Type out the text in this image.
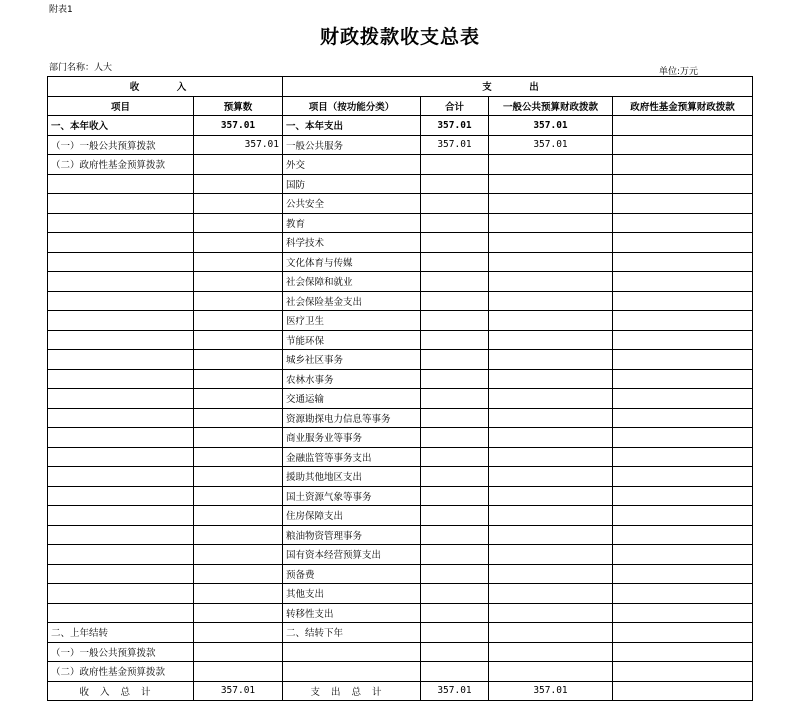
附表1
财政拨款收支总表
部门名称：人大	单位:万元
收　入		支　出			
项目	预算数	项目（按功能分类）	合计	一般公共预算财政拨款	政府性基金预算财政拨款
一、本年收入	357.01	一、本年支出	357.01	357.01	
（一）一般公共预算拨款	357.01	一般公共服务	357.01	357.01	
（二）政府性基金预算拨款		外交			
		国防			
		公共安全			
		教育			
		科学技术			
		文化体育与传媒			
		社会保障和就业			
		社会保险基金支出			
		医疗卫生			
		节能环保			
		城乡社区事务			
		农林水事务			
		交通运输			
		资源勘探电力信息等事务			
		商业服务业等事务			
		金融监管等事务支出			
		援助其他地区支出			
		国土资源气象等事务			
		住房保障支出			
		粮油物资管理事务			
		国有资本经营预算支出			
		预备费			
		其他支出			
		转移性支出			
二、上年结转		二、结转下年			
（一）一般公共预算拨款					
（二）政府性基金预算拨款					
收入总计	357.01	支出总计	357.01	357.01	
